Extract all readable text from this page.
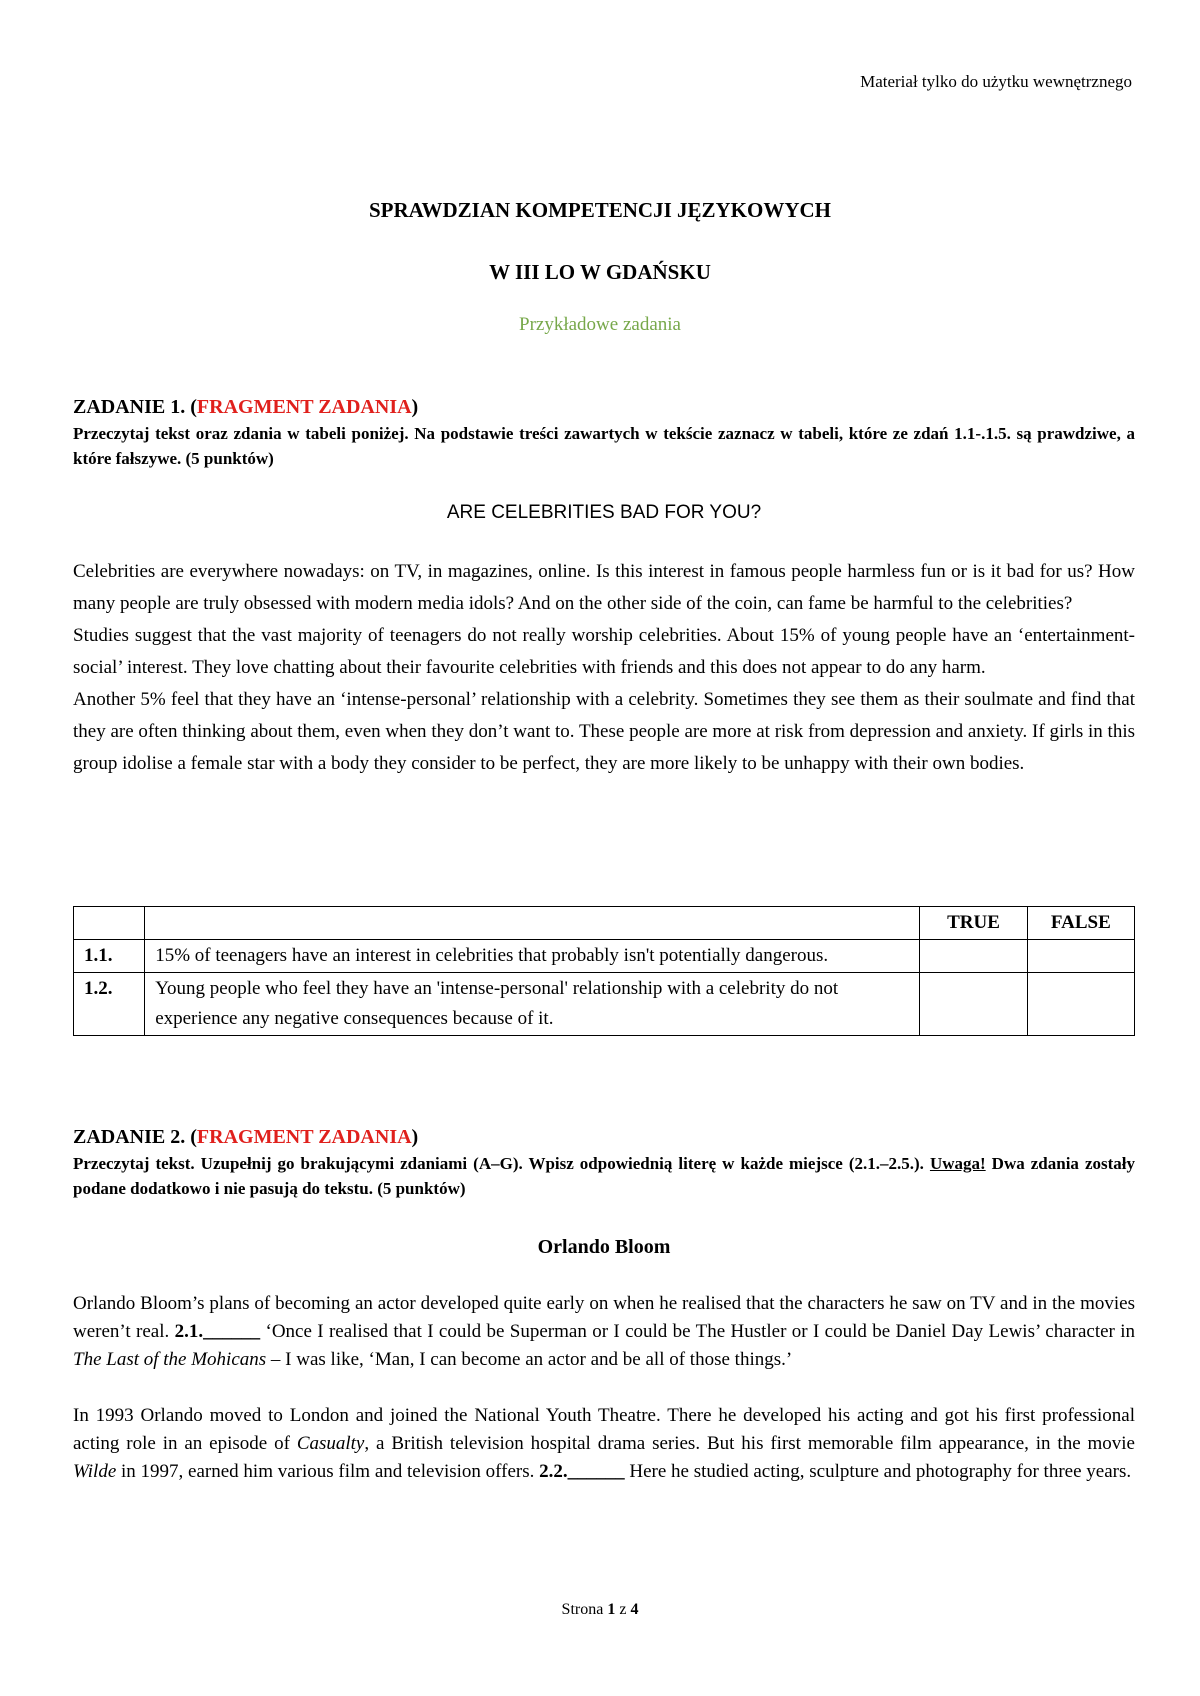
Materiał tylko do użytku wewnętrznego
SPRAWDZIAN KOMPETENCJI JĘZYKOWYCH
W III LO W GDAŃSKU
Przykładowe zadania
ZADANIE 1. (FRAGMENT ZADANIA)
Przeczytaj tekst oraz zdania w tabeli poniżej. Na podstawie treści zawartych w tekście zaznacz w tabeli, które ze zdań 1.1-.1.5. są prawdziwe, a które fałszywe. (5 punktów)
ARE CELEBRITIES BAD FOR YOU?

Celebrities are everywhere nowadays: on TV, in magazines, online. Is this interest in famous people harmless fun or is it bad for us? How many people are truly obsessed with modern media idols? And on the other side of the coin, can fame be harmful to the celebrities?

Studies suggest that the vast majority of teenagers do not really worship celebrities. About 15% of young people have an ‘entertainment-social’ interest. They love chatting about their favourite celebrities with friends and this does not appear to do any harm.

Another 5% feel that they have an ‘intense-personal’ relationship with a celebrity. Sometimes they see them as their soulmate and find that they are often thinking about them, even when they don’t want to. These people are more at risk from depression and anxiety. If girls in this group idolise a female star with a body they consider to be perfect, they are more likely to be unhappy with their own bodies.

		TRUE	FALSE
1.1.	15% of teenagers have an interest in celebrities that probably isn't potentially dangerous.		
1.2.	Young people who feel they have an 'intense-personal' relationship with a celebrity do not experience any negative consequences because of it.		
ZADANIE 2. (FRAGMENT ZADANIA)
Przeczytaj tekst. Uzupełnij go brakującymi zdaniami (A–G). Wpisz odpowiednią literę w każde miejsce (2.1.–2.5.). Uwaga! Dwa zdania zostały podane dodatkowo i nie pasują do tekstu. (5 punktów)
Orlando Bloom

Orlando Bloom’s plans of becoming an actor developed quite early on when he realised that the characters he saw on TV and in the movies weren’t real. 2.1.______ ‘Once I realised that I could be Superman or I could be The Hustler or I could be Daniel Day Lewis’ character in The Last of the Mohicans – I was like, ‘Man, I can become an actor and be all of those things.’

In 1993 Orlando moved to London and joined the National Youth Theatre. There he developed his acting and got his first professional acting role in an episode of Casualty, a British television hospital drama series. But his first memorable film appearance, in the movie Wilde in 1997, earned him various film and television offers. 2.2.______ Here he studied acting, sculpture and photography for three years.

Strona 1 z 4
